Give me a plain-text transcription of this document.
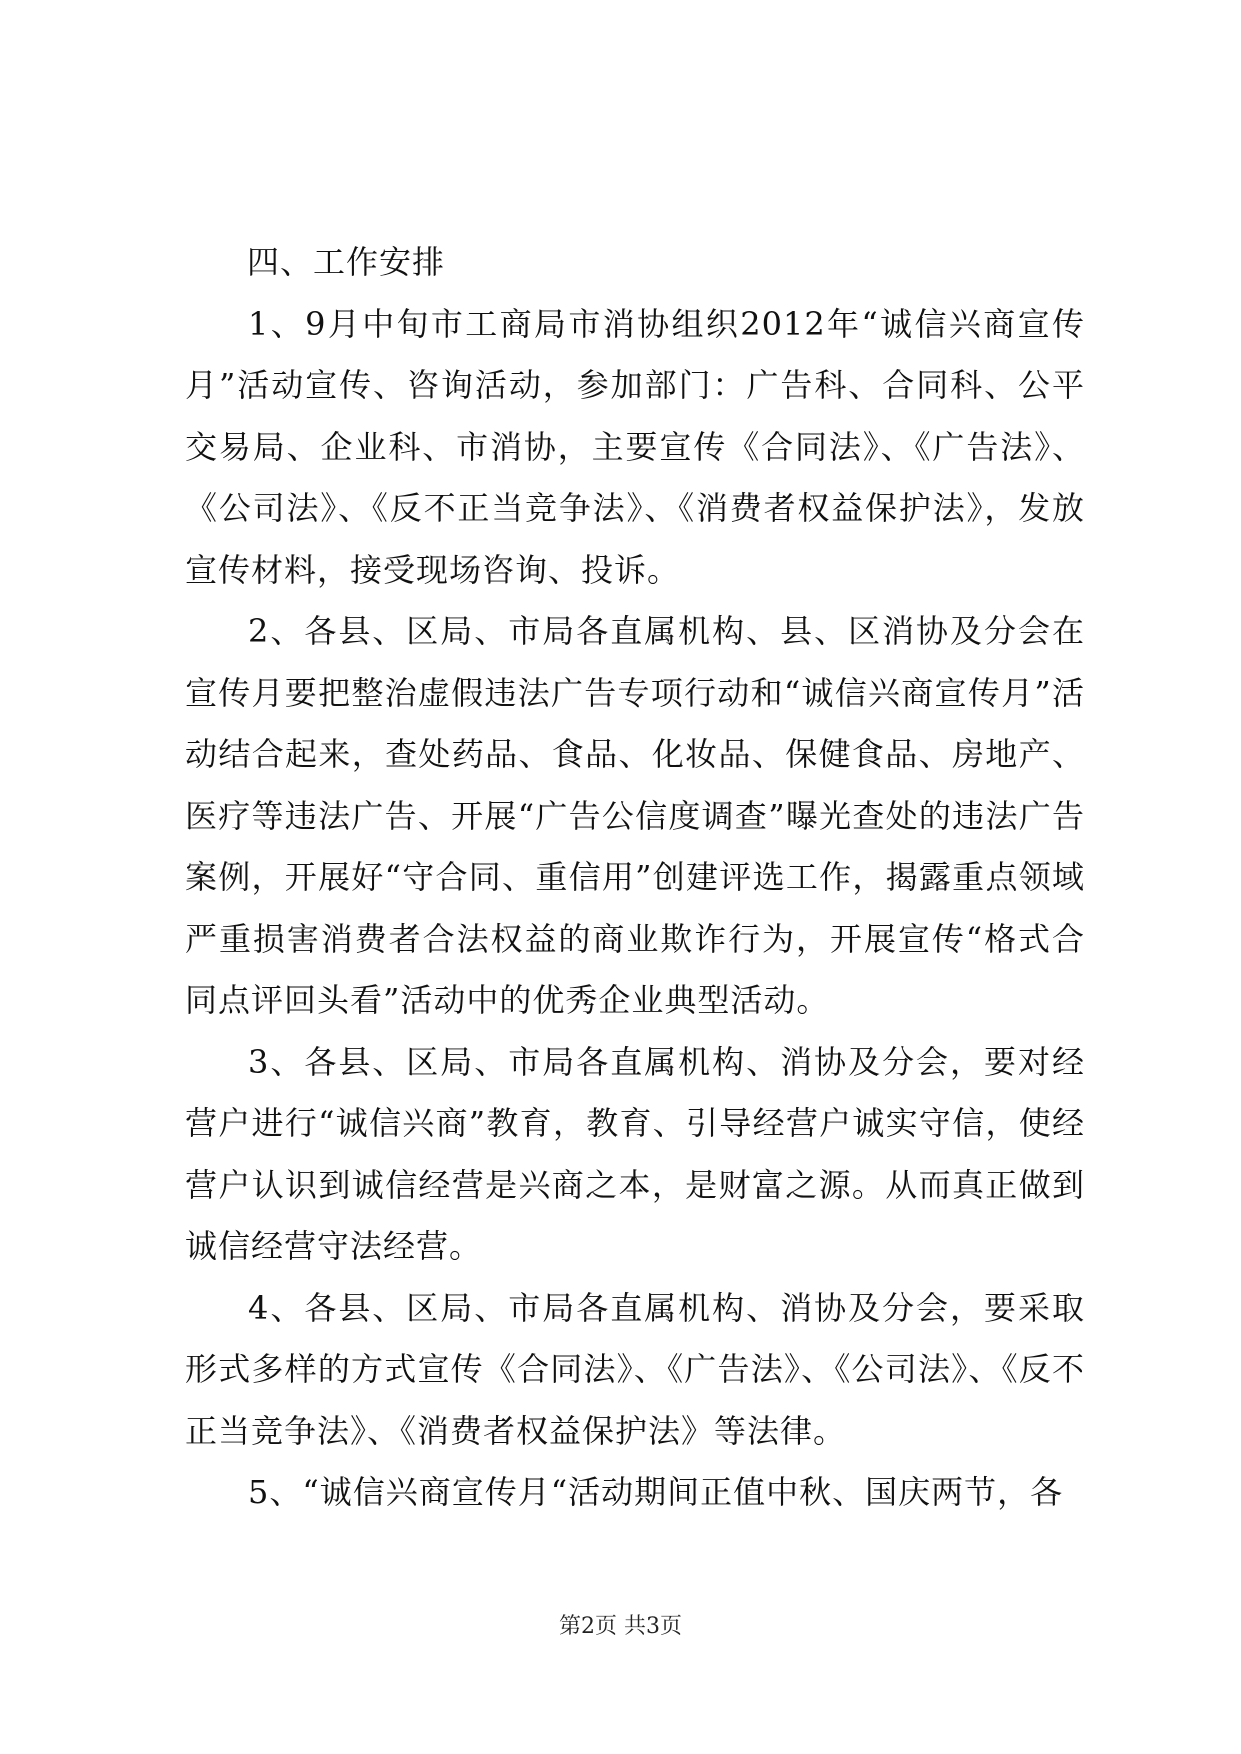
四、工作安排

1、9月中旬市工商局市消协组织2012年“诚信兴商宣传月”活动宣传、咨询活动，参加部门：广告科、合同科、公平交易局、企业科、市消协，主要宣传《合同法》、《广告法》、《公司法》、《反不正当竞争法》、《消费者权益保护法》，发放宣传材料，接受现场咨询、投诉。

2、各县、区局、市局各直属机构、县、区消协及分会在宣传月要把整治虚假违法广告专项行动和“诚信兴商宣传月”活动结合起来，查处药品、食品、化妆品、保健食品、房地产、医疗等违法广告、开展“广告公信度调查”曝光查处的违法广告案例，开展好“守合同、重信用”创建评选工作，揭露重点领域严重损害消费者合法权益的商业欺诈行为，开展宣传“格式合同点评回头看”活动中的优秀企业典型活动。

3、各县、区局、市局各直属机构、消协及分会，要对经营户进行“诚信兴商”教育，教育、引导经营户诚实守信，使经营户认识到诚信经营是兴商之本，是财富之源。从而真正做到诚信经营守法经营。

4、各县、区局、市局各直属机构、消协及分会，要采取形式多样的方式宣传《合同法》、《广告法》、《公司法》、《反不正当竞争法》、《消费者权益保护法》等法律。

5、“诚信兴商宣传月“活动期间正值中秋、国庆两节，各

第2页 共3页
